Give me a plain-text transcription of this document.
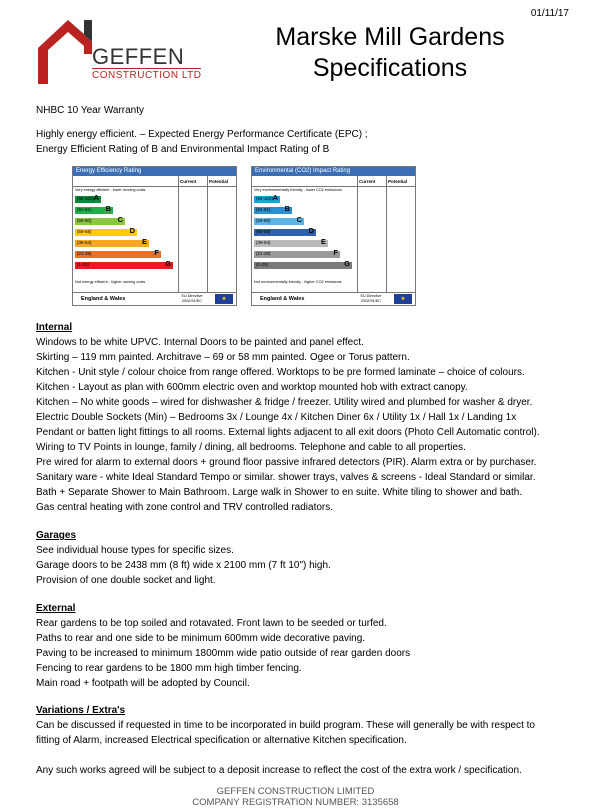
01/11/17
GEFFEN
CONSTRUCTION LTD
Marske Mill Gardens
Specifications
NHBC 10 Year Warranty
Highly energy efficient. – Expected Energy Performance Certificate (EPC) ;
Energy Efficient Rating of B and Environmental Impact Rating of B
Energy Efficiency Rating
Current	Potential
Very energy efficient - lower running costs
(92-100) A
(81-91) B
(69-80)	C
(55-68)	D
(39-54)	E
(21-38)	F
(1-20)	G
Not energy efficient - higher running costs
England & Wales	EU Directive 2002/91/EC	★
Environmental (CO2) Impact Rating
Current	Potential
Very environmentally friendly - lower CO2 emissions
(92-100) A
(81-91) B
(69-80)	C
(55-68)	D
(39-54)	E
(21-38)	F
(1-20)	G
Not environmentally friendly - higher CO2 emissions
England & Wales	EU Directive 2002/91/EC	★
Internal
Windows to be white UPVC. Internal Doors to be painted and panel effect.
Skirting – 119 mm painted. Architrave – 69 or 58 mm painted. Ogee or Torus pattern.
Kitchen - Unit style / colour choice from range offered. Worktops to be pre formed laminate – choice of colours.
Kitchen - Layout as plan with 600mm electric oven and worktop mounted hob with extract canopy.
Kitchen – No white goods – wired for dishwasher & fridge / freezer. Utility wired and plumbed for washer & dryer.
Electric Double Sockets (Min) – Bedrooms 3x / Lounge 4x / Kitchen Diner 6x / Utility 1x / Hall 1x / Landing 1x
Pendant or batten light fittings to all rooms. External lights adjacent to all exit doors (Photo Cell Automatic control).
Wiring to TV Points in lounge, family / dining, all bedrooms. Telephone and cable to all properties.
Pre wired for alarm to external doors + ground floor passive infrared detectors (PIR). Alarm extra or by purchaser.
Sanitary ware - white Ideal Standard Tempo or similar. shower trays, valves & screens - Ideal Standard or similar.
Bath + Separate Shower to Main Bathroom. Large walk in Shower to en suite. White tiling to shower and bath.
Gas central heating with zone control and TRV controlled radiators.
Garages
See individual house types for specific sizes.
Garage doors to be 2438 mm (8 ft) wide x 2100 mm (7 ft 10") high.
Provision of one double socket and light.
External
Rear gardens to be top soiled and rotavated. Front lawn to be seeded or turfed.
Paths to rear and one side to be minimum 600mm wide decorative paving.
Paving to be increased to minimum 1800mm wide patio outside of rear garden doors
Fencing to rear gardens to be 1800 mm high timber fencing.
Main road + footpath will be adopted by Council.
Variations / Extra's
Can be discussed if requested in time to be incorporated in build program. These will generally be with respect to
fitting of Alarm, increased Electrical specification or alternative Kitchen specification.
Any such works agreed will be subject to a deposit increase to reflect the cost of the extra work / specification.
GEFFEN CONSTRUCTION LIMITED
COMPANY REGISTRATION NUMBER: 3135658
